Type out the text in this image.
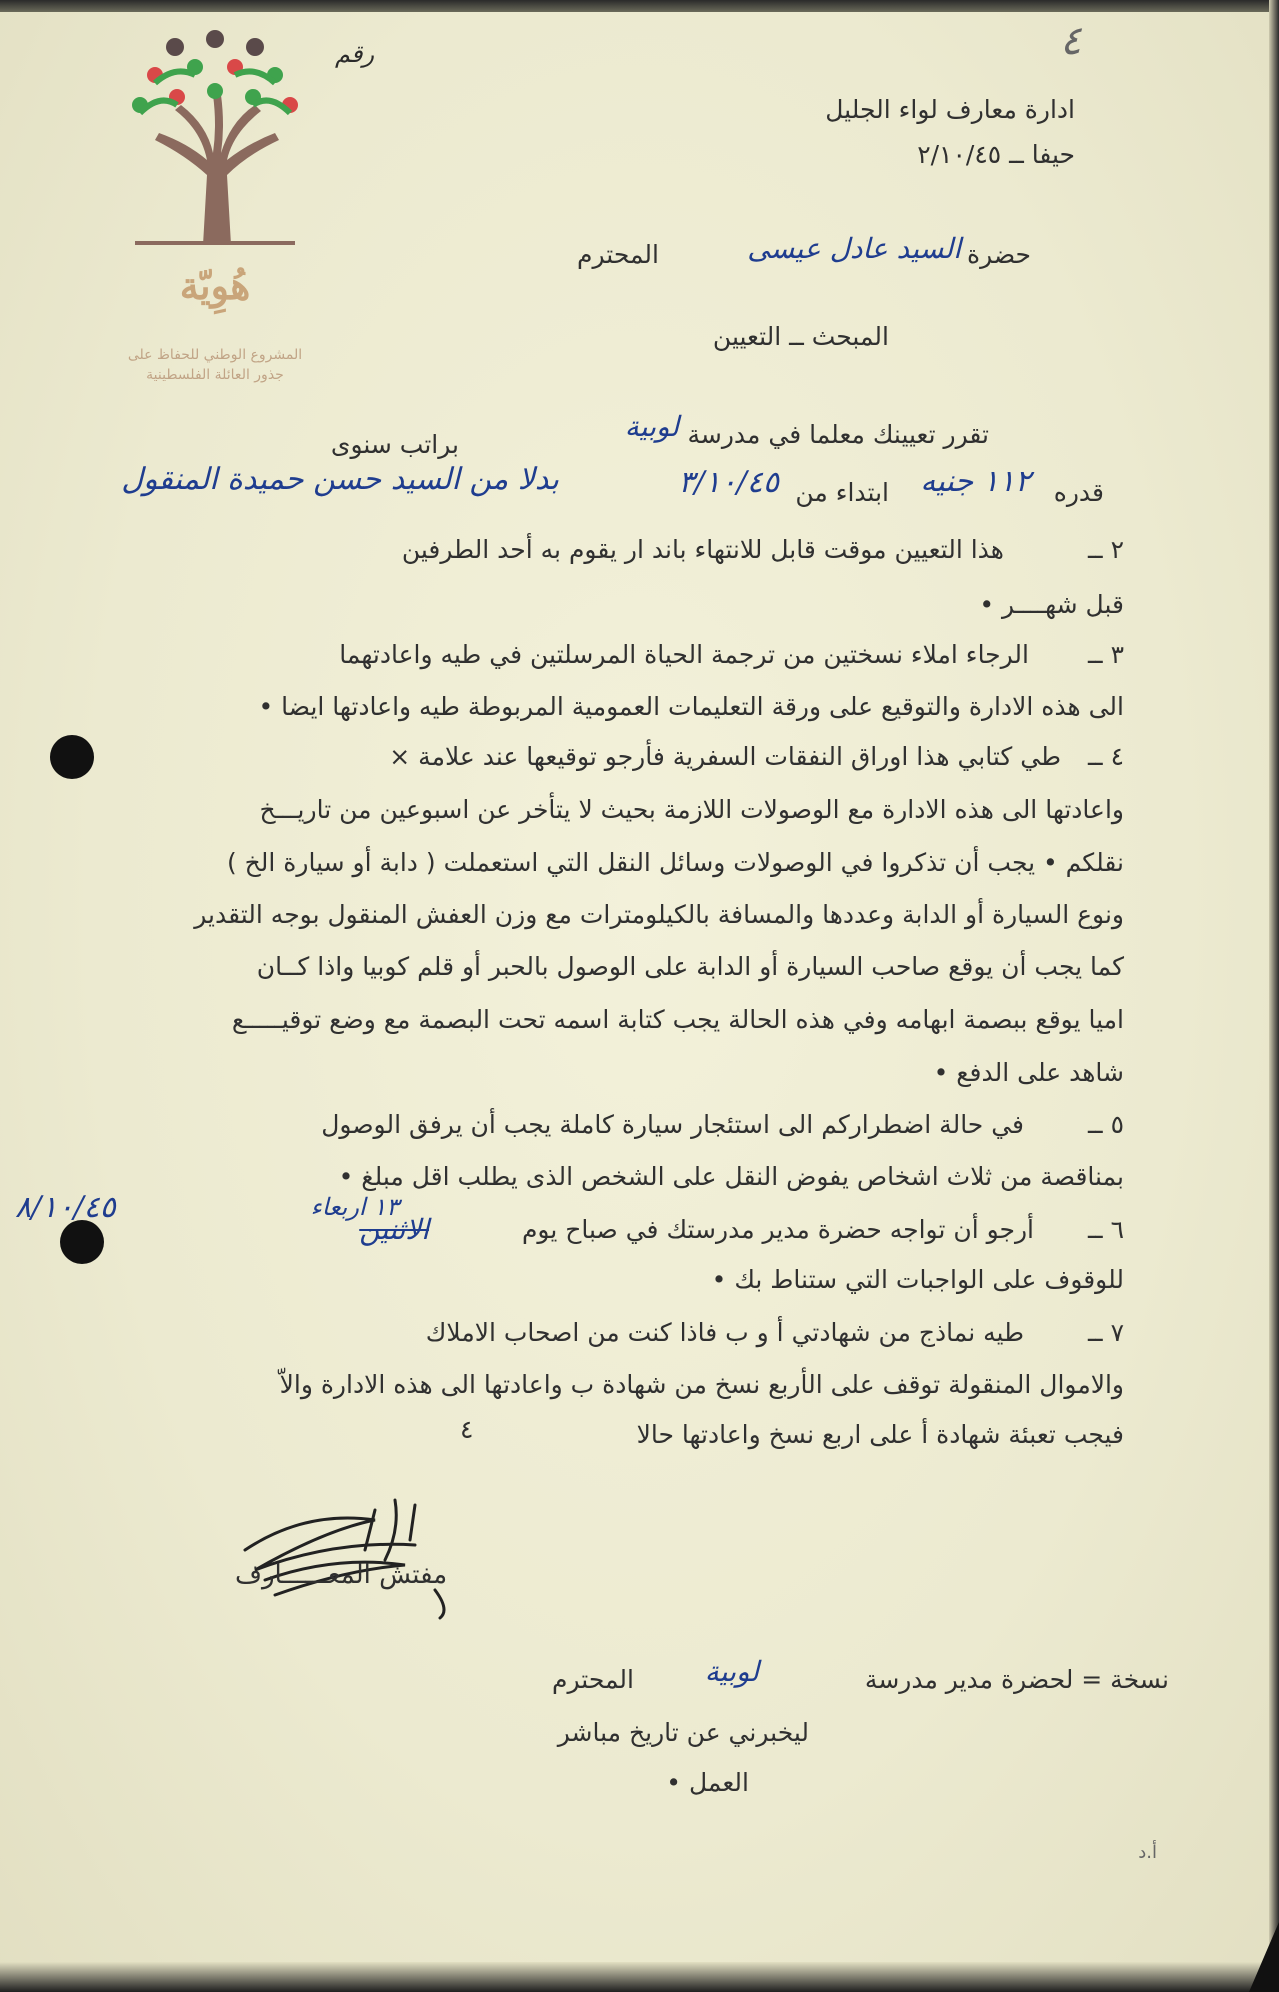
هُوِيّة
المشروع الوطني للحفاظ على
جذور العائلة الفلسطينية
رقم	٤
ادارة معارف لواء الجليل
حيفا ــ ٢/١٠/٤٥
حضرة
السيد عادل عيسى
المحترم
المبحث ــ التعيين
تقرر تعيينك معلما في مدرسة
لوبية
براتب سنوى
قدره
١١٢ جنيه
ابتداء من
٣/١٠/٤٥
بدلا من السيد حسن حميدة المنقول
٢ ــ
هذا التعيين موقت قابل للانتهاء باند ار يقوم به أحد الطرفين
قبل شهــــر •
٣ ــ
الرجاء املاء نسختين من ترجمة الحياة المرسلتين في طيه واعادتهما
الى هذه الادارة والتوقيع على ورقة التعليمات العمومية المربوطة طيه واعادتها ايضا •
٤ ــ
طي كتابي هذا اوراق النفقات السفرية فأرجو توقيعها عند علامة ×
واعادتها الى هذه الادارة مع الوصولات اللازمة بحيث لا يتأخر عن اسبوعين من تاريـــخ
نقلكم • يجب أن تذكروا في الوصولات وسائل النقل التي استعملت ( دابة أو سيارة الخ )
ونوع السيارة أو الدابة وعددها والمسافة بالكيلومترات مع وزن العفش المنقول بوجه التقدير
كما يجب أن يوقع صاحب السيارة أو الدابة على الوصول بالحبر أو قلم كوبيا واذا كــان
اميا يوقع ببصمة ابهامه وفي هذه الحالة يجب كتابة اسمه تحت البصمة مع وضع توقيـــــع
شاهد على الدفع •
٥ ــ
في حالة اضطراركم الى استئجار سيارة كاملة يجب أن يرفق الوصول
بمناقصة من ثلاث اشخاص يفوض النقل على الشخص الذى يطلب اقل مبلغ •
٦ ــ
أرجو أن تواجه حضرة مدير مدرستك في صباح يوم
١٣ اربعاء
الاثنين
٨/١٠/٤٥
للوقوف على الواجبات التي ستناط بك •
٧ ــ
طيه نماذج من شهادتي أ و ب فاذا كنت من اصحاب الاملاك
والاموال المنقولة توقف على الأربع نسخ من شهادة ب واعادتها الى هذه الادارة والاّ
فيجب تعبئة شهادة أ على اربع نسخ واعادتها حالا
٤
مفتش المعــــــارف
نسخة = لحضرة مدير مدرسة
لوبية
المحترم
ليخبرني عن تاريخ مباشر
العمل •
أ.د
